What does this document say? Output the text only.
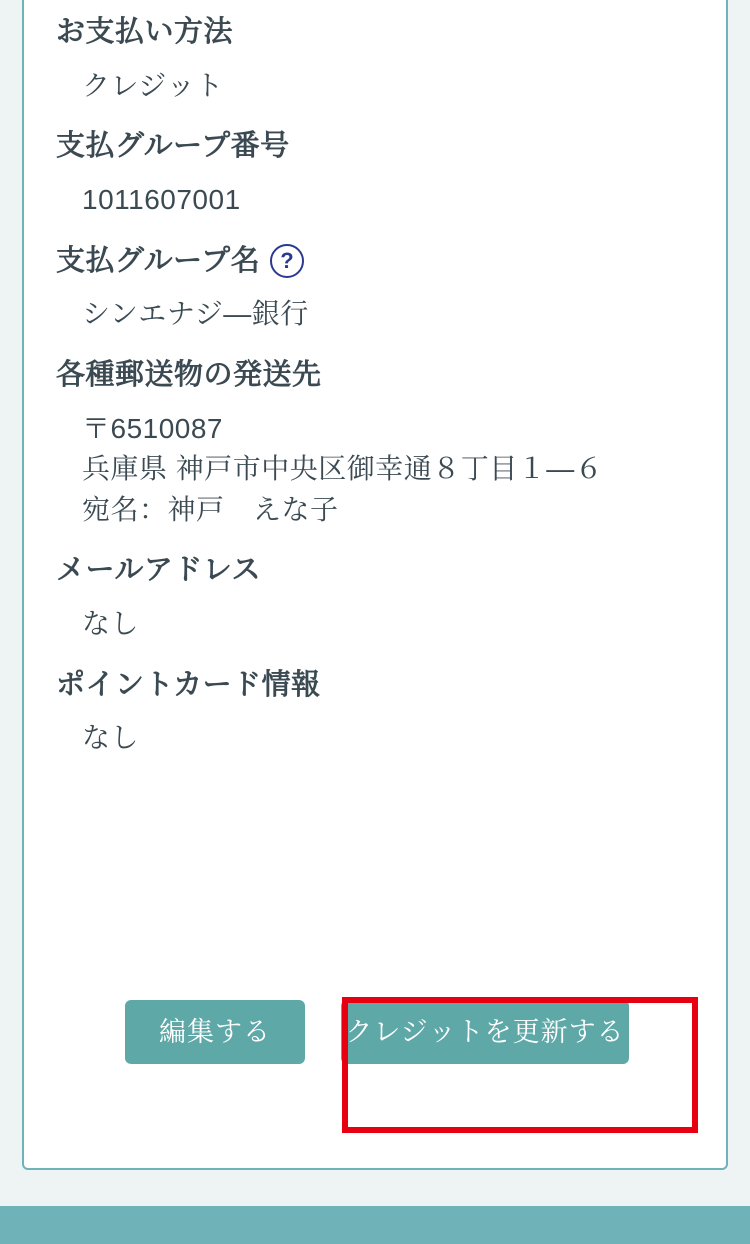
お支払い方法
クレジット
支払グループ番号
1011607001
支払グループ名 ?
シンエナジ―銀行
各種郵送物の発送先
〒6510087
兵庫県 神戸市中央区御幸通８丁目１―６
宛名：神戸　えな子
メールアドレス
なし
ポイントカード情報
なし
編集する	クレジットを更新する
